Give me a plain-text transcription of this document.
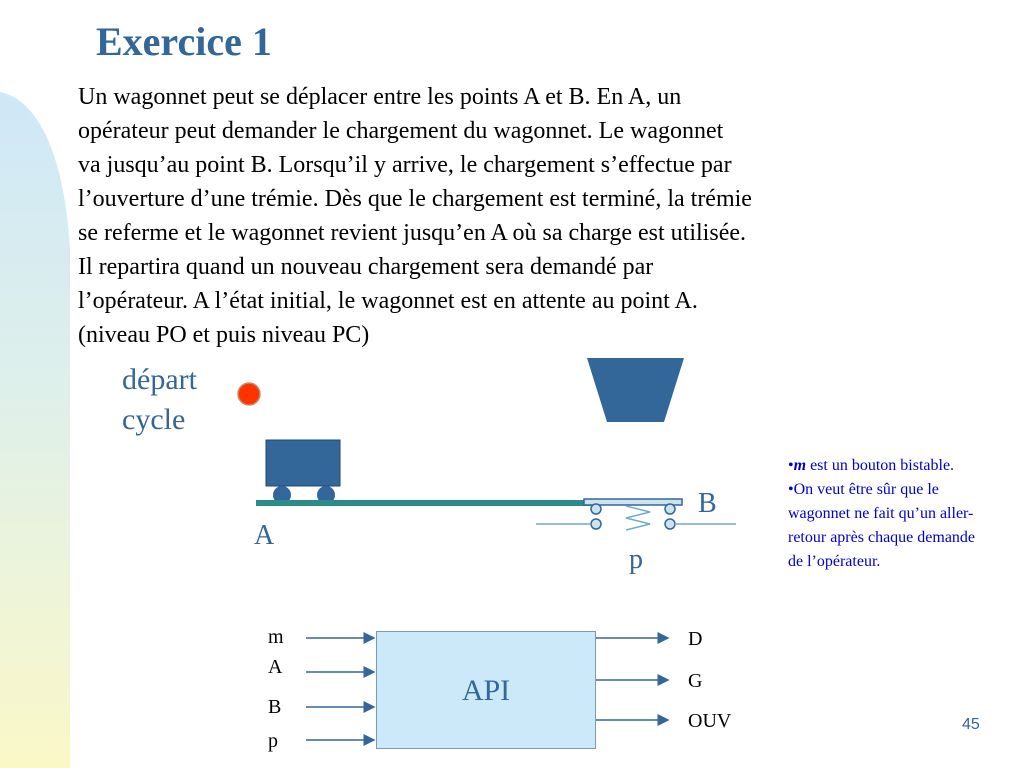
Exercice 1
Un wagonnet peut se déplacer entre les points A et B. En A, un
opérateur peut demander le chargement du wagonnet. Le wagonnet
va jusqu’au point B. Lorsqu’il y arrive, le chargement s’effectue par
l’ouverture d’une trémie. Dès que le chargement est terminé, la trémie
se referme et le wagonnet revient jusqu’en A où sa charge est utilisée.
Il repartira quand un nouveau chargement sera demandé par
l’opérateur. A l’état initial, le wagonnet est en attente au point A.
(niveau PO et puis niveau PC)
départ
cycle
A
B
p

•m est un bouton bistable.

•On veut être sûr que le wagonnet ne fait qu’un aller-retour après chaque demande de l’opérateur.

API
m
A
B
p
D
G
OUV	45
